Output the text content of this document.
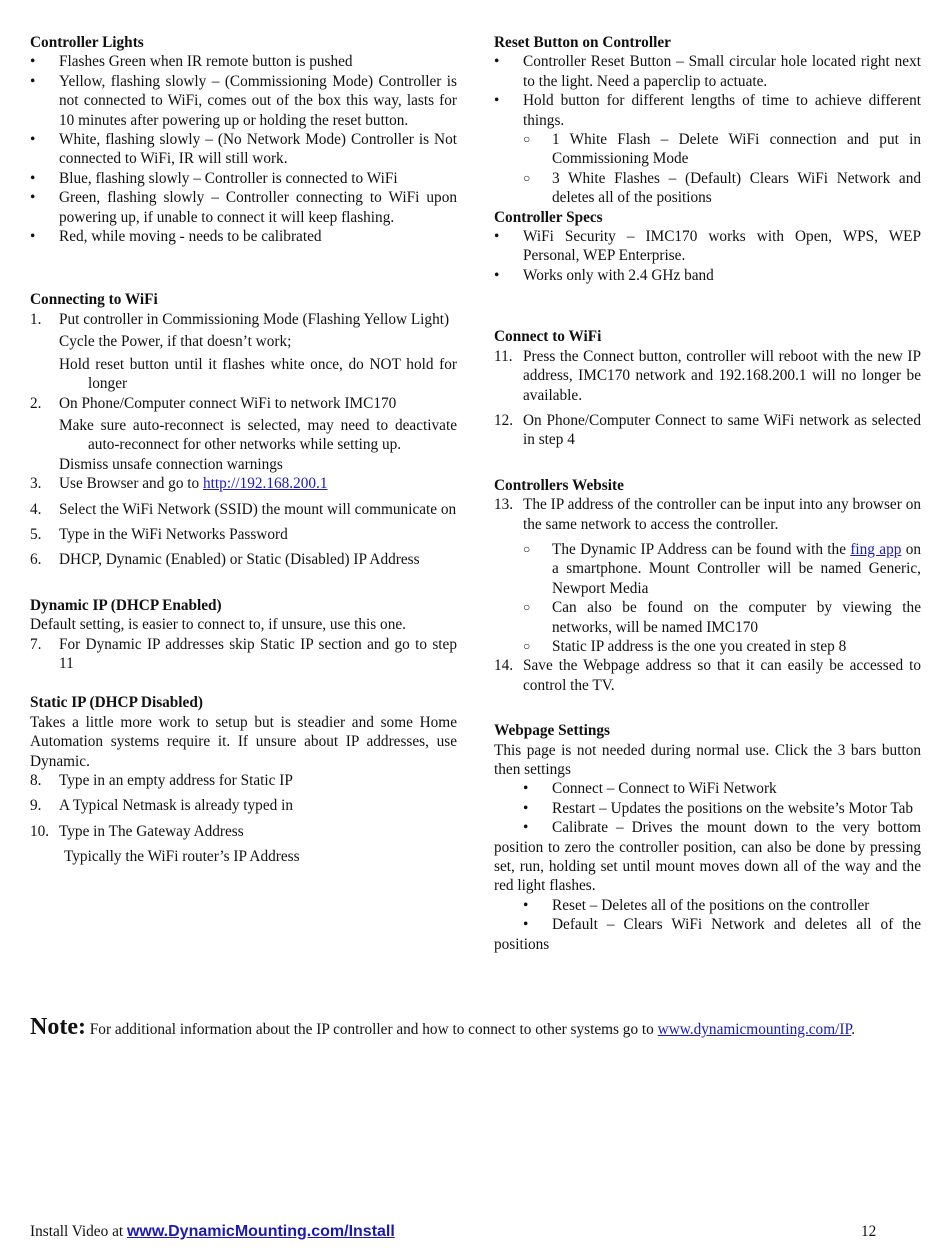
Controller Lights
• Flashes Green when IR remote button is pushed
• Yellow, flashing slowly – (Commissioning Mode) Controller is not connected to WiFi, comes out of the box this way, lasts for 10 minutes after powering up or holding the reset button.
• White, flashing slowly – (No Network Mode) Controller is Not connected to WiFi, IR will still work.
• Blue, flashing slowly – Controller is connected to WiFi
• Green, flashing slowly – Controller connecting to WiFi upon powering up, if unable to connect it will keep flashing.
• Red, while moving - needs to be calibrated
Connecting to WiFi
1. Put controller in Commissioning Mode (Flashing Yellow Light)
Cycle the Power, if that doesn’t work;
Hold reset button until it flashes white once, do NOT hold for longer
2. On Phone/Computer connect WiFi to network IMC170
Make sure auto-reconnect is selected, may need to deactivate auto-reconnect for other networks while setting up.
Dismiss unsafe connection warnings
3. Use Browser and go to http://192.168.200.1
4. Select the WiFi Network (SSID) the mount will communicate on
5. Type in the WiFi Networks Password
6. DHCP, Dynamic (Enabled) or Static (Disabled) IP Address
Dynamic IP (DHCP Enabled)
Default setting, is easier to connect to, if unsure, use this one.
7. For Dynamic IP addresses skip Static IP section and go to step 11
Static IP (DHCP Disabled)
Takes a little more work to setup but is steadier and some Home Automation systems require it. If unsure about IP addresses, use Dynamic.
8. Type in an empty address for Static IP
9. A Typical Netmask is already typed in
10. Type in The Gateway Address
Typically the WiFi router’s IP Address
Reset Button on Controller
• Controller Reset Button – Small circular hole located right next to the light. Need a paperclip to actuate.
• Hold button for different lengths of time to achieve different things.
○ 1 White Flash – Delete WiFi connection and put in Commissioning Mode
○ 3 White Flashes – (Default) Clears WiFi Network and deletes all of the positions
Controller Specs
• WiFi Security – IMC170 works with Open, WPS, WEP Personal, WEP Enterprise.
• Works only with 2.4 GHz band
Connect to WiFi
11. Press the Connect button, controller will reboot with the new IP address, IMC170 network and 192.168.200.1 will no longer be available.
12. On Phone/Computer Connect to same WiFi network as selected in step 4
Controllers Website
13. The IP address of the controller can be input into any browser on the same network to access the controller.
○ The Dynamic IP Address can be found with the fing app on a smartphone. Mount Controller will be named Generic, Newport Media
○ Can also be found on the computer by viewing the networks, will be named IMC170
○ Static IP address is the one you created in step 8
14. Save the Webpage address so that it can easily be accessed to control the TV.
Webpage Settings
This page is not needed during normal use. Click the 3 bars button then settings
• Connect – Connect to WiFi Network
• Restart – Updates the positions on the website’s Motor Tab
• Calibrate – Drives the mount down to the very bottom position to zero the controller position, can also be done by pressing set, run, holding set until mount moves down all of the way and the red light flashes.
• Reset – Deletes all of the positions on the controller
• Default – Clears WiFi Network and deletes all of the positions
Note: For additional information about the IP controller and how to connect to other systems go to www.dynamicmounting.com/IP.
Install Video at www.DynamicMounting.com/Install	12
